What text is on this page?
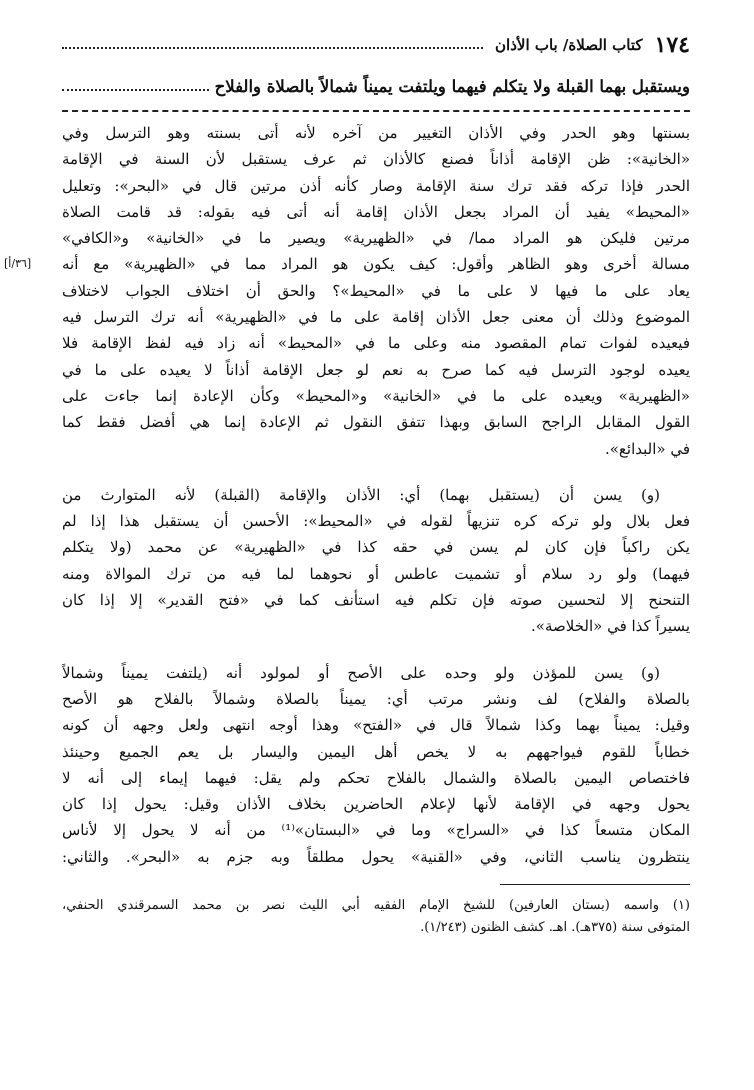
١٧٤
كتاب الصلاة/ باب الأذان
ويستقبل بهما القبلة ولا يتكلم فيهما ويلتفت يميناً شمالاً بالصلاة والفلاح
[٣٦/أ]
بسنتها وهو الحدر وفي الأذان التغيير من آخره لأنه أتى بسنته وهو الترسل وفي
«الخانية»: ظن الإقامة أذاناً فصنع كالأذان ثم عرف يستقبل لأن السنة في الإقامة
الحدر فإذا تركه فقد ترك سنة الإقامة وصار كأنه أذن مرتين قال في «البحر»: وتعليل
«المحيط» يفيد أن المراد بجعل الأذان إقامة أنه أتى فيه بقوله: قد قامت الصلاة
مرتين فليكن هو المراد مما/ في «الظهيرية» ويصير ما في «الخانية» و«الكافي»
مسالة أخرى وهو الظاهر وأقول: كيف يكون هو المراد مما في «الظهيرية» مع أنه
يعاد على ما فيها لا على ما في «المحيط»؟ والحق أن اختلاف الجواب لاختلاف
الموضوع وذلك أن معنى جعل الأذان إقامة على ما في «الظهيرية» أنه ترك الترسل فيه
فيعيده لفوات تمام المقصود منه وعلى ما في «المحيط» أنه زاد فيه لفظ الإقامة فلا
يعيده لوجود الترسل فيه كما صرح به نعم لو جعل الإقامة أذاناً لا يعيده على ما في
«الظهيرية» ويعيده على ما في «الخانية» و«المحيط» وكأن الإعادة إنما جاءت على
القول المقابل الراجح السابق وبهذا تتفق النقول ثم الإعادة إنما هي أفضل فقط كما
في «البدائع».
(و) يسن أن (يستقبل بهما) أي: الأذان والإقامة (القبلة) لأنه المتوارث من
فعل بلال ولو تركه كره تنزيهاً لقوله في «المحيط»: الأحسن أن يستقبل هذا إذا لم
يكن راكباً فإن كان لم يسن في حقه كذا في «الظهيرية» عن محمد (ولا يتكلم
فيهما) ولو رد سلام أو تشميت عاطس أو نحوهما لما فيه من ترك الموالاة ومنه
التنحنح إلا لتحسين صوته فإن تكلم فيه استأنف كما في «فتح القدير» إلا إذا كان
يسيراً كذا في «الخلاصة».
(و) يسن للمؤذن ولو وحده على الأصح أو لمولود أنه (يلتفت يميناً وشمالاً
بالصلاة والفلاح) لف ونشر مرتب أي: يميناً بالصلاة وشمالاً بالفلاح هو الأصح
وقيل: يميناً بهما وكذا شمالاً قال في «الفتح» وهذا أوجه انتهى ولعل وجهه أن كونه
خطاباً للقوم فيواجههم به لا يخص أهل اليمين واليسار بل يعم الجميع وحينئذ
فاختصاص اليمين بالصلاة والشمال بالفلاح تحكم ولم يقل: فيهما إيماء إلى أنه لا
يحول وجهه في الإقامة لأنها لإعلام الحاضرين بخلاف الأذان وقيل: يحول إذا كان
المكان متسعاً كذا في «السراج» وما في «البستان»⁽¹⁾ من أنه لا يحول إلا لأناس
ينتظرون يناسب الثاني، وفي «القنية» يحول مطلقاً وبه جزم به «البحر». والثاني:
(١) واسمه (بستان العارفين) للشيخ الإمام الفقيه أبي الليث نصر بن محمد السمرقندي الحنفي،
المتوفى سنة (٣٧٥هـ). اهـ. كشف الظنون (١/٢٤٣).
